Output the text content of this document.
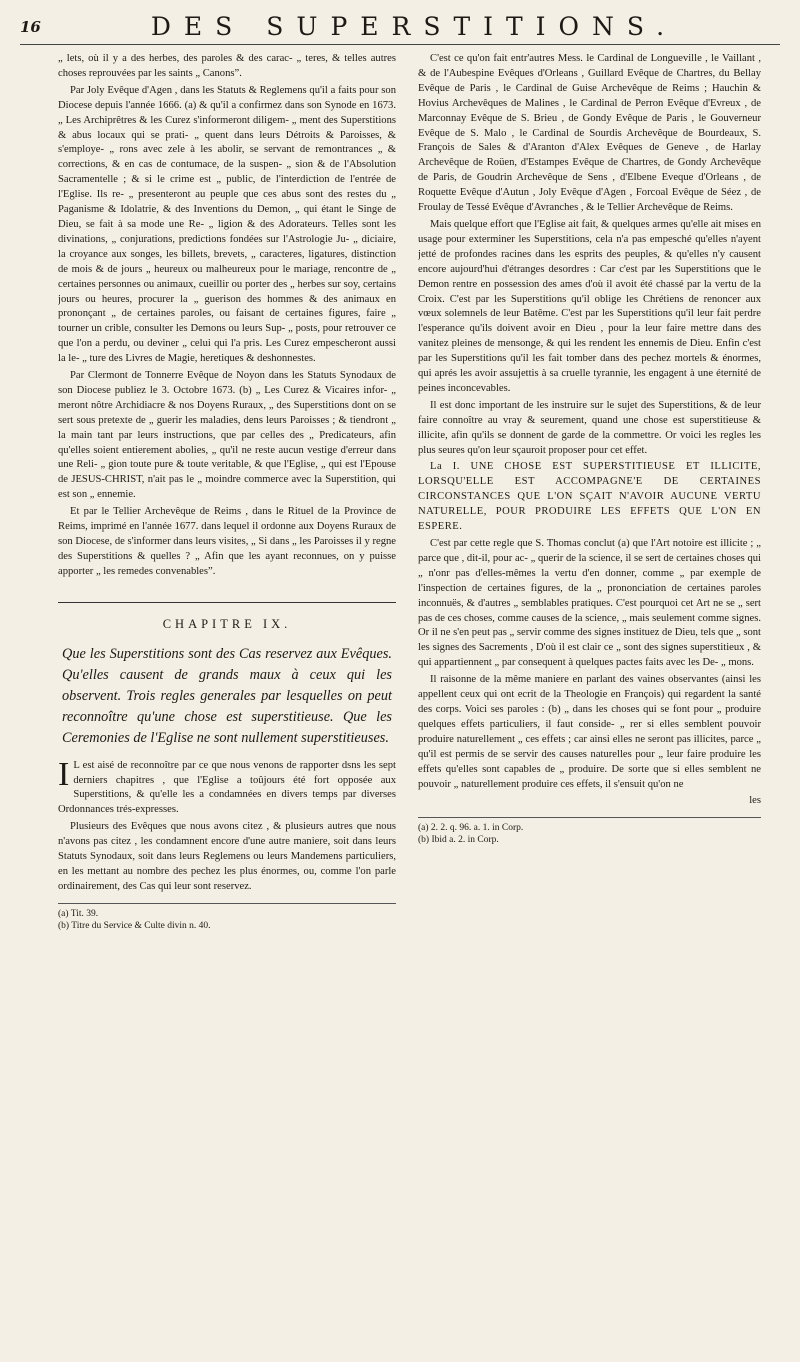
16	DES SUPERSTITIONS.

„ lets, où il y a des herbes, des paroles & des carac- „ teres, & telles autres choses reprouvées par les saints „ Canons”.

Par Joly Evêque d'Agen , dans les Statuts & Reglemens qu'il a faits pour son Diocese depuis l'année 1666. (a) & qu'il a confirmez dans son Synode en 1673. „ Les Archiprêtres & les Curez s'informeront diligem- „ ment des Superstitions & abus locaux qui se prati- „ quent dans leurs Détroits & Paroisses, & s'employe- „ rons avec zele à les abolir, se servant de remontrances „ & corrections, & en cas de contumace, de la suspen- „ sion & de l'Absolution Sacramentelle ; & si le crime est „ public, de l'interdiction de l'entrée de l'Eglise. Ils re- „ presenteront au peuple que ces abus sont des restes du „ Paganisme & Idolatrie, & des Inventions du Demon, „ qui étant le Singe de Dieu, se fait à sa mode une Re- „ ligion & des Adorateurs. Telles sont les divinations, „ conjurations, predictions fondées sur l'Astrologie Ju- „ diciaire, la croyance aux songes, les billets, brevets, „ caracteres, ligatures, distinction de mois & de jours „ heureux ou malheureux pour le mariage, rencontre de „ certaines personnes ou animaux, cueillir ou porter des „ herbes sur soy, certains jours ou heures, procurer la „ guerison des hommes & des animaux en prononçant „ de certaines paroles, ou faisant de certaines figures, faire „ tourner un crible, consulter les Demons ou leurs Sup- „ posts, pour retrouver ce que l'on a perdu, ou deviner „ celui qui l'a pris. Les Curez empescheront aussi la le- „ ture des Livres de Magie, heretiques & deshonnestes.

Par Clermont de Tonnerre Evêque de Noyon dans les Statuts Synodaux de son Diocese publiez le 3. Octobre 1673. (b) „ Les Curez & Vicaires infor- „ meront nôtre Archidiacre & nos Doyens Ruraux, „ des Superstitions dont on se sert sous pretexte de „ guerir les maladies, dens leurs Paroisses ; & tiendront „ la main tant par leurs instructions, que par celles des „ Predicateurs, afin qu'elles soient entierement abolies, „ qu'il ne reste aucun vestige d'erreur dans une Reli- „ gion toute pure & toute veritable, & que l'Eglise, „ qui est l'Epouse de JESUS-CHRIST, n'ait pas le „ moindre commerce avec la Superstition, qui est son „ ennemie.

Et par le Tellier Archevêque de Reims , dans le Rituel de la Province de Reims, imprimé en l'année 1677. dans lequel il ordonne aux Doyens Ruraux de son Diocese, de s'informer dans leurs visites, „ Si dans „ les Paroisses il y regne des Superstitions & quelles ? „ Afin que les ayant reconnues, on y puisse apporter „ les remedes convenables”.

CHAPITRE IX.
Que les Superstitions sont des Cas reservez aux Evêques. Qu'elles causent de grands maux à ceux qui les observent. Trois regles generales par lesquelles on peut reconnoître qu'une chose est superstitieuse. Que les Ceremonies de l'Eglise ne sont nullement superstitieuses.

IL est aisé de reconnoître par ce que nous venons de rapporter dsns les sept derniers chapitres , que l'Eglise a toûjours été fort opposée aux Superstitions, & qu'elle les a condamnées en divers temps par diverses Ordonnances trés-expresses.

Plusieurs des Evêques que nous avons citez , & plusieurs autres que nous n'avons pas citez , les condamnent encore d'une autre maniere, soit dans leurs Statuts Synodaux, soit dans leurs Reglemens ou leurs Mandemens particuliers, en les mettant au nombre des pechez les plus énormes, ou, comme l'on parle ordinairement, des Cas qui leur sont reservez.

(a) Tit. 39.
(b) Titre du Service & Culte divin n. 40.

C'est ce qu'on fait entr'autres Mess. le Cardinal de Longueville , le Vaillant , & de l'Aubespine Evêques d'Orleans , Guillard Evêque de Chartres, du Bellay Evêque de Paris , le Cardinal de Guise Archevêque de Reims ; Hauchin & Hovius Archevêques de Malines , le Cardinal de Perron Evêque d'Evreux , de Marconnay Evêque de S. Brieu , de Gondy Evêque de Paris , le Gouverneur Evêque de S. Malo , le Cardinal de Sourdis Archevêque de Bourdeaux, S. François de Sales & d'Aranton d'Alex Evêques de Geneve , de Harlay Archevêque de Roüen, d'Estampes Evêque de Chartres, de Gondy Archevêque de Paris, de Goudrin Archevêque de Sens , d'Elbene Eveque d'Orleans , de Roquette Evêque d'Autun , Joly Evêque d'Agen , Forcoal Evêque de Séez , de Froulay de Tessé Evêque d'Avranches , & le Tellier Archevêque de Reims.

Mais quelque effort que l'Eglise ait fait, & quelques armes qu'elle ait mises en usage pour exterminer les Superstitions, cela n'a pas empesché qu'elles n'ayent jetté de profondes racines dans les esprits des peuples, & qu'elles n'y causent encore aujourd'hui d'étranges desordres : Car c'est par les Superstitions que le Demon rentre en possession des ames d'où il avoit été chassé par la vertu de la Croix. C'est par les Superstitions qu'il oblige les Chrétiens de renoncer aux vœux solemnels de leur Batême. C'est par les Superstitions qu'il leur fait perdre l'esperance qu'ils doivent avoir en Dieu , pour la leur faire mettre dans des vanitez pleines de mensonge, & qui les rendent les ennemis de Dieu. Enfin c'est par les Superstitions qu'il les fait tomber dans des pechez mortels & énormes, qui aprés les avoir assujettis à sa cruelle tyrannie, les engagent à une éternité de peines inconcevables.

Il est donc important de les instruire sur le sujet des Superstitions, & de leur faire connoître au vray & seurement, quand une chose est superstitieuse & illicite, afin qu'ils se donnent de garde de la commettre. Or voici les regles les plus seures qu'on leur sçauroit proposer pour cet effet.

La I. UNE CHOSE EST SUPERSTITIEUSE ET ILLICITE, LORSQU'ELLE EST ACCOMPAGNE'E DE CERTAINES CIRCONSTANCES QUE L'ON SÇAIT N'AVOIR AUCUNE VERTU NATURELLE, POUR PRODUIRE LES EFFETS QUE L'ON EN ESPERE.

C'est par cette regle que S. Thomas conclut (a) que l'Art notoire est illicite ; „ parce que , dit-il, pour ac- „ querir de la science, il se sert de certaines choses qui „ n'onr pas d'elles-mêmes la vertu d'en donner, comme „ par exemple de l'inspection de certaines figures, de la „ prononciation de certaines paroles inconnuës, & d'autres „ semblables pratiques. C'est pourquoi cet Art ne se „ sert pas de ces choses, comme causes de la science, „ mais seulement comme signes. Or il ne s'en peut pas „ servir comme des signes instituez de Dieu, tels que „ sont les signes des Sacrements , D'où il est clair ce „ sont des signes superstitieux , & qui appartiennent „ par consequent à quelques pactes faits avec les De- „ mons.

Il raisonne de la même maniere en parlant des vaines observantes (ainsi les appellent ceux qui ont ecrit de la Theologie en François) qui regardent la santé des corps. Voici ses paroles : (b) „ dans les choses qui se font pour „ produire quelques effets particuliers, il faut conside- „ rer si elles semblent pouvoir produire naturellement „ ces effets ; car ainsi elles ne seront pas illicites, parce „ qu'il est permis de se servir des causes naturelles pour „ leur faire produire les effets qu'elles sont capables de „ produire. De sorte que si elles semblent ne pouvoir „ naturellement produire ces effets, il s'ensuit qu'on ne

les
(a) 2. 2. q. 96. a. 1. in Corp.
(b) Ibid a. 2. in Corp.
